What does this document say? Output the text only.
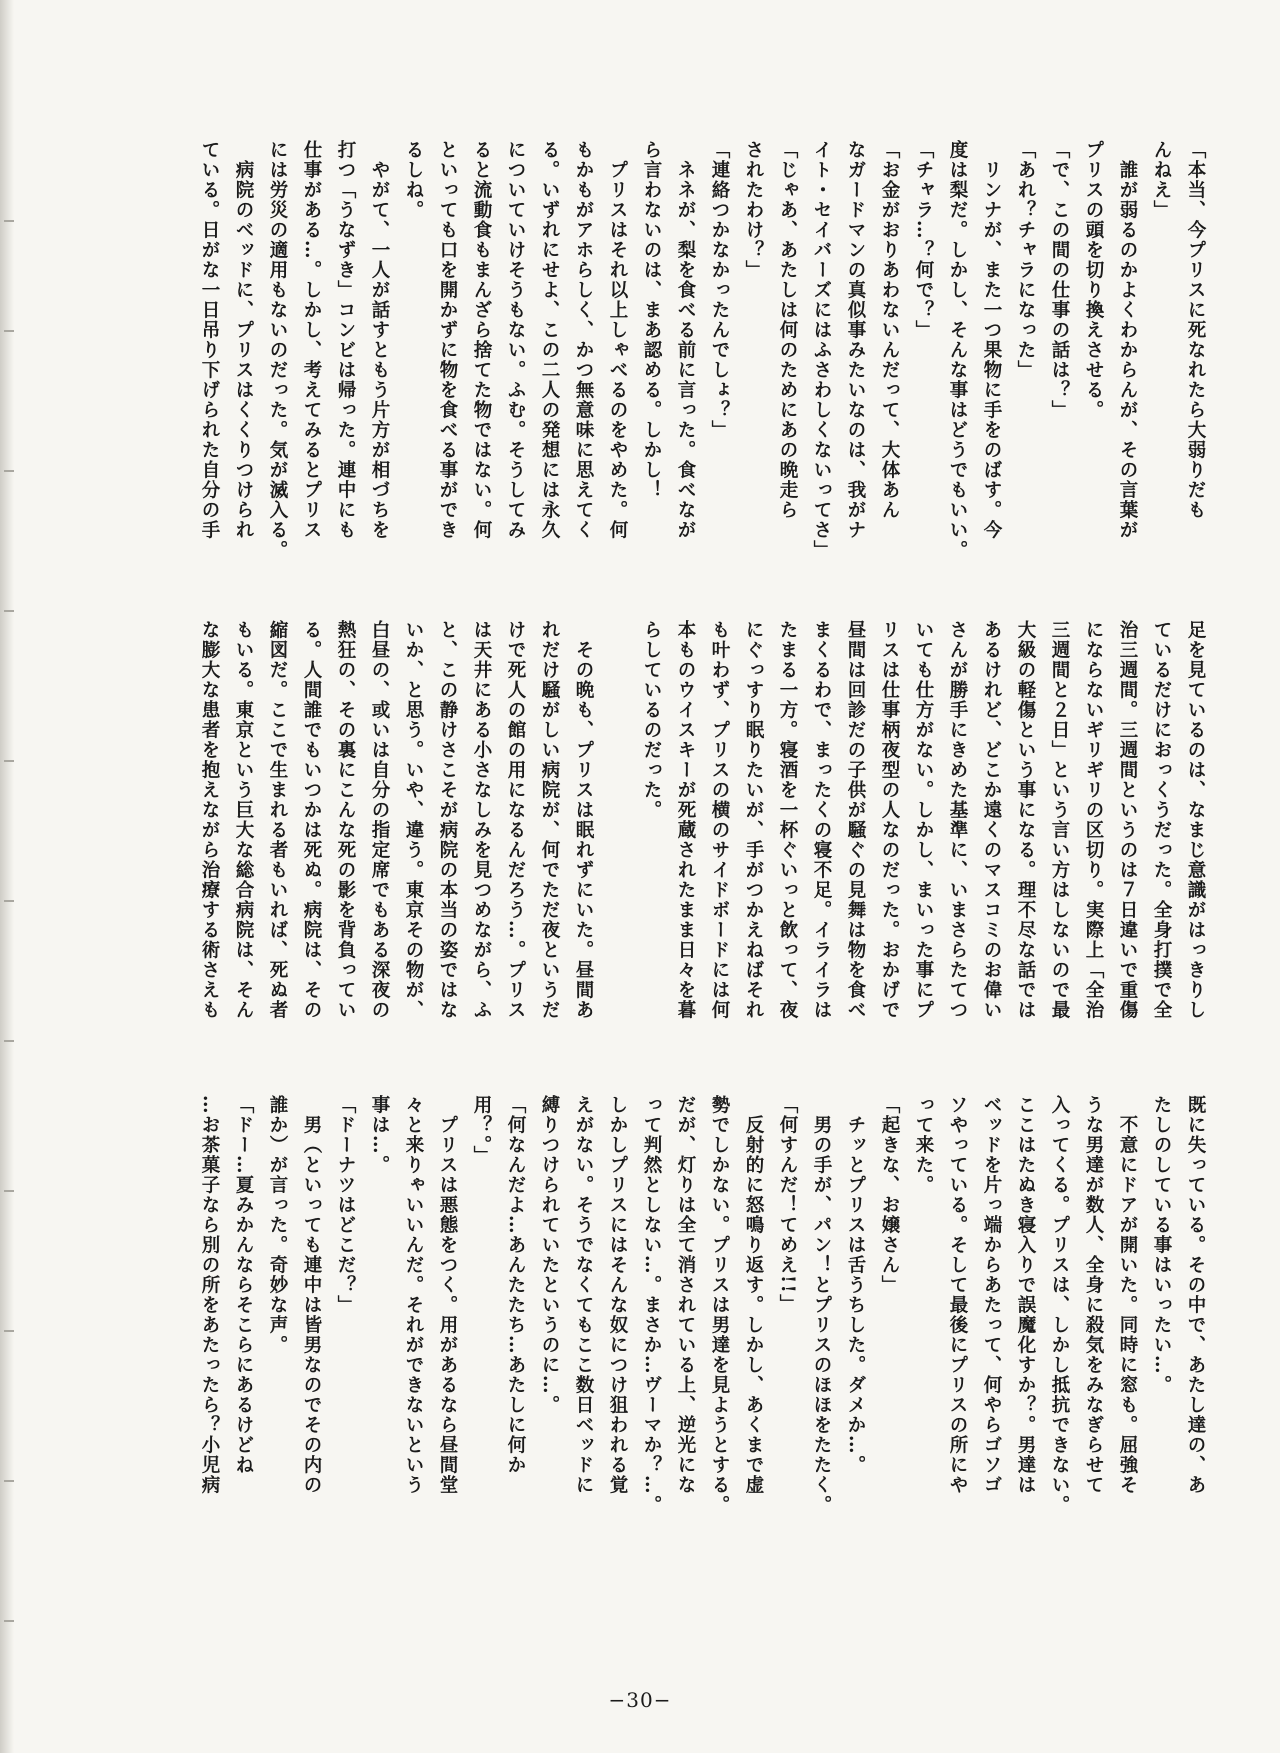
「本当、今プリスに死なれたら大弱りだも

んねえ」

　誰が弱るのかよくわからんが、その言葉が

プリスの頭を切り換えさせる。

「で、この間の仕事の話は？」

「あれ？チャラになった」

　リンナが、また一つ果物に手をのばす。今

度は梨だ。しかし、そんな事はどうでもいい。

「チャラ…？何で？」

「お金がおりあわないんだって、大体あん

なガードマンの真似事みたいなのは、我がナ

イト・セイバーズにはふさわしくないってさ」

「じゃあ、あたしは何のためにあの晩走ら

されたわけ？」

「連絡つかなかったんでしょ？」

　ネネが、梨を食べる前に言った。食べなが

ら言わないのは、まあ認める。しかし！

　プリスはそれ以上しゃべるのをやめた。何

もかもがアホらしく、かつ無意味に思えてく

る。いずれにせよ、この二人の発想には永久

についていけそうもない。ふむ。そうしてみ

ると流動食もまんざら捨てた物ではない。何

といっても口を開かずに物を食べる事ができ

るしね。

　やがて、一人が話すともう片方が相づちを

打つ「うなずき」コンビは帰った。連中にも

仕事がある…。しかし、考えてみるとプリス

には労災の適用もないのだった。気が滅入る。

　病院のベッドに、プリスはくくりつけられ

ている。日がな一日吊り下げられた自分の手

足を見ているのは、なまじ意識がはっきりし

ているだけにおっくうだった。全身打撲で全

治三週間。三週間というのは７日違いで重傷

にならないギリギリの区切り。実際上「全治

三週間と２日」という言い方はしないので最

大級の軽傷という事になる。理不尽な話では

あるけれど、どこか遠くのマスコミのお偉い

さんが勝手にきめた基準に、いまさらたてつ

いても仕方がない。しかし、まいった事にプ

リスは仕事柄夜型の人なのだった。おかげで

昼間は回診だの子供が騒ぐの見舞は物を食べ

まくるわで、まったくの寝不足。イライラは

たまる一方。寝酒を一杯ぐいっと飲って、夜

にぐっすり眠りたいが、手がつかえねばそれ

も叶わず、プリスの横のサイドボードには何

本ものウイスキーが死蔵されたまま日々を暮

らしているのだった。

　その晩も、プリスは眠れずにいた。昼間あ

れだけ騒がしい病院が、何でただ夜というだ

けで死人の館の用になるんだろう…。プリス

は天井にある小さなしみを見つめながら、ふ

と、この静けさこそが病院の本当の姿ではな

いか、と思う。いや、違う。東京その物が、

白昼の、或いは自分の指定席でもある深夜の

熱狂の、その裏にこんな死の影を背負ってい

る。人間誰でもいつかは死ぬ。病院は、その

縮図だ。ここで生まれる者もいれば、死ぬ者

もいる。東京という巨大な総合病院は、そん

な膨大な患者を抱えながら治療する術さえも

既に失っている。その中で、あたし達の、あ

たしのしている事はいったい…。

　不意にドアが開いた。同時に窓も。屈強そ

うな男達が数人、全身に殺気をみなぎらせて

入ってくる。プリスは、しかし抵抗できない。

ここはたぬき寝入りで誤魔化すか？。男達は

ベッドを片っ端からあたって、何やらゴソゴ

ソやっている。そして最後にプリスの所にや

って来た。

「起きな、お嬢さん」

　チッとプリスは舌うちした。ダメか…。

　男の手が、パン！とプリスのほほをたたく。

「何すんだ！てめえ!!」

　反射的に怒鳴り返す。しかし、あくまで虚

勢でしかない。プリスは男達を見ようとする。

だが、灯りは全て消されている上、逆光にな

って判然としない…。まさか…ヴーマか？…。

しかしプリスにはそんな奴につけ狙われる覚

えがない。そうでなくてもここ数日ベッドに

縛りつけられていたというのに…。

「何なんだよ…あんたたち…あたしに何か

用？。」

　プリスは悪態をつく。用があるなら昼間堂

々と来りゃいいんだ。それができないという

事は…。

「ドーナツはどこだ？」

　男（といっても連中は皆男なのでその内の

誰か）が言った。奇妙な声。

「ドー…夏みかんならそこらにあるけどね

…お茶菓子なら別の所をあたったら？小児病

−30−
